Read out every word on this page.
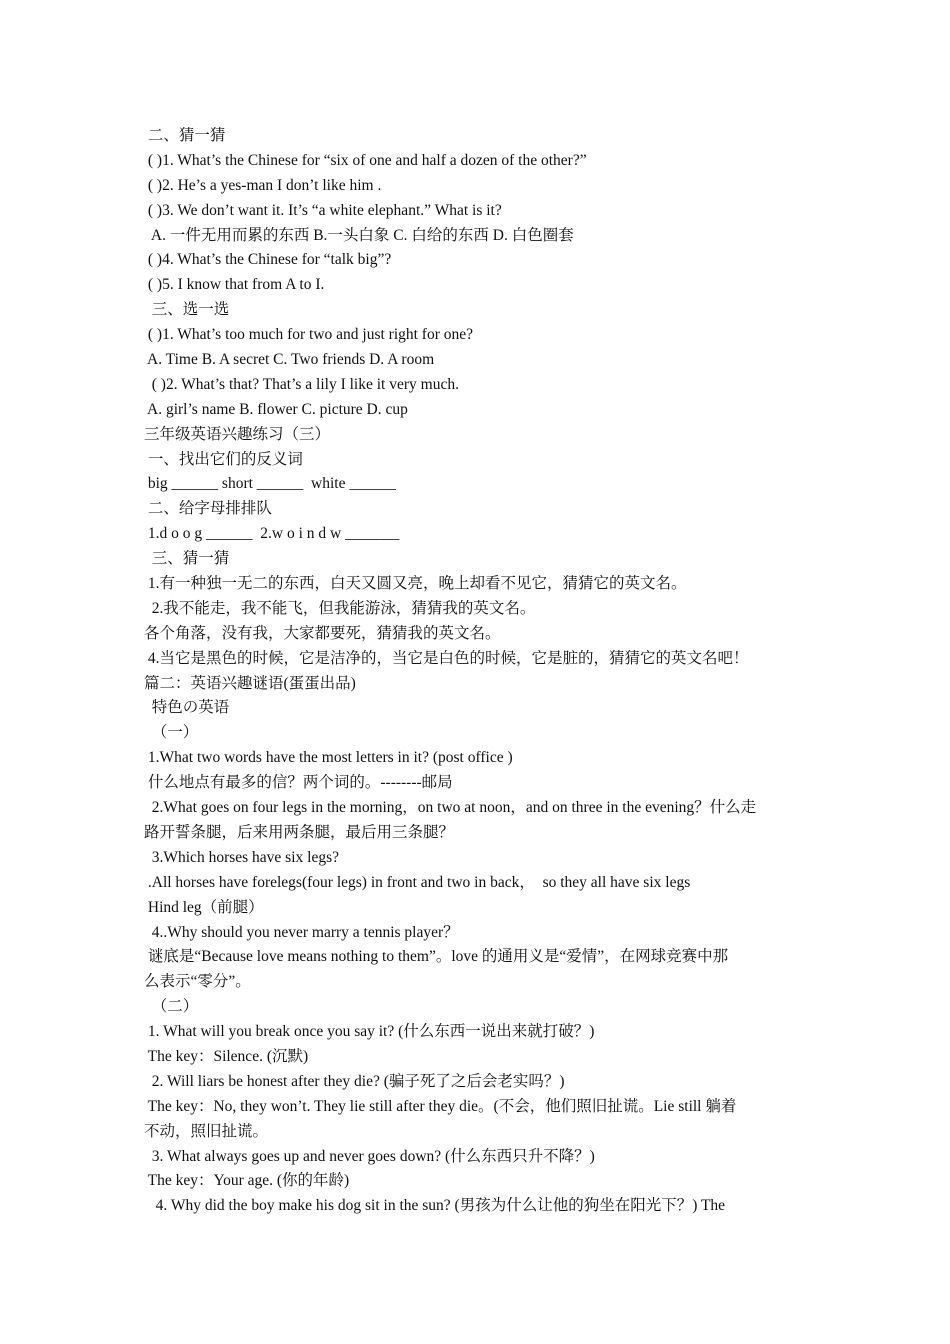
二、猜一猜
( )1. What’s the Chinese for “six of one and half a dozen of the other?”
( )2. He’s a yes-man I don’t like him .
( )3. We don’t want it. It’s “a white elephant.” What is it?
A. 一件无用而累的东西 B.一头白象 C. 白给的东西 D. 白色圈套
( )4. What’s the Chinese for “talk big”?
( )5. I know that from A to I.
三、选一选
( )1. What’s too much for two and just right for one?
A. Time B. A secret C. Two friends D. A room
( )2. What’s that? That’s a lily I like it very much.
A. girl’s name B. flower C. picture D. cup
三年级英语兴趣练习（三）
一、找出它们的反义词
big ______ short ______  white ______
二、给字母排排队
1.d o o g ______  2.w o i n d w _______
三、猜一猜
1.有一种独一无二的东西，白天又圆又亮，晚上却看不见它，猜猜它的英文名。
2.我不能走，我不能飞，但我能游泳，猜猜我的英文名。
各个角落，没有我，大家都要死，猜猜我的英文名。
4.当它是黑色的时候，它是洁净的，当它是白色的时候，它是脏的，猜猜它的英文名吧！
篇二：英语兴趣谜语(蛋蛋出品)
特色の英语
（一）
1.What two words have the most letters in it? (post office )
什么地点有最多的信？两个词的。--------邮局
2.What goes on four legs in the morning，on two at noon，and on three in the evening？什么走
路开誓条腿，后来用两条腿，最后用三条腿？
3.Which horses have six legs?
.All horses have forelegs(four legs) in front and two in back，  so they all have six legs
Hind leg（前腿）
4..Why should you never marry a tennis player？
谜底是“Because love means nothing to them”。love 的通用义是“爱情”，在网球竞赛中那
么表示“零分”。
（二）
1. What will you break once you say it? (什么东西一说出来就打破？)
The key：Silence. (沉默)
2. Will liars be honest after they die? (骗子死了之后会老实吗？)
The key：No, they won’t. They lie still after they die。(不会，他们照旧扯谎。Lie still 躺着
不动，照旧扯谎。
3. What always goes up and never goes down? (什么东西只升不降？)
The key：Your age. (你的年龄)
4. Why did the boy make his dog sit in the sun? (男孩为什么让他的狗坐在阳光下？) The
